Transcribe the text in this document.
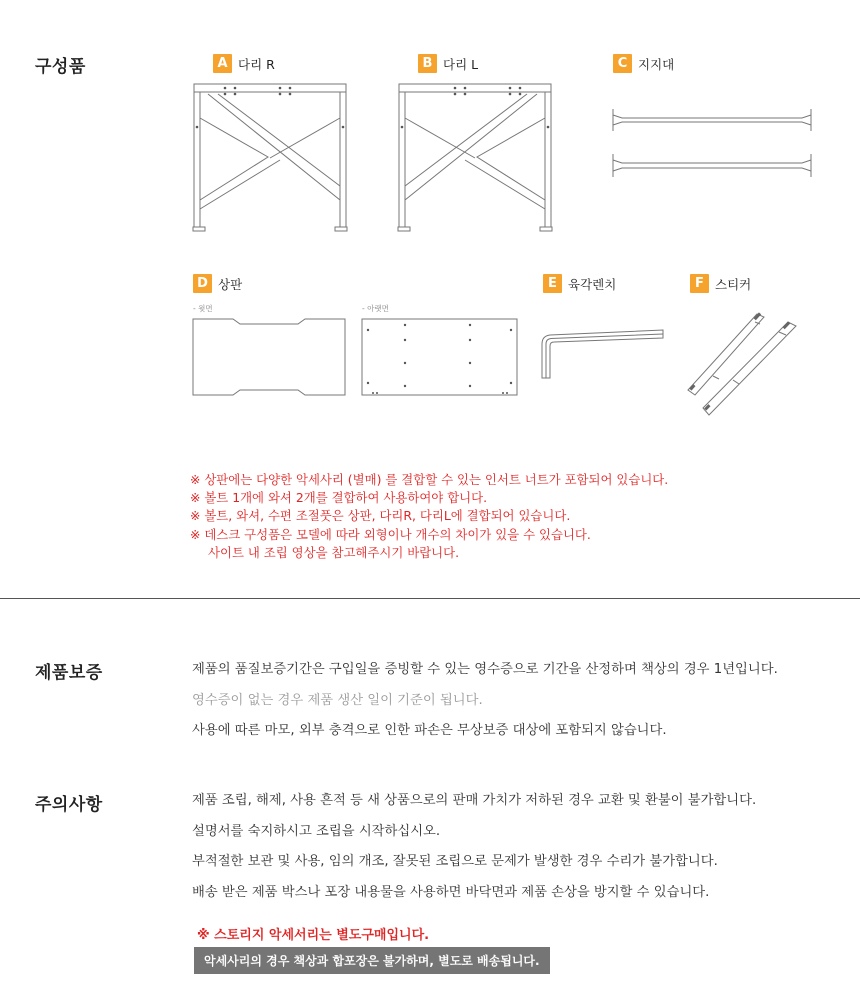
구성품	A 다리 R	B 다리 L	C 지지대
D 상판
- 윗면	- 아랫면
E 육각렌치	F 스티커
※ 상판에는 다양한 악세사리 (별매) 를 결합할 수 있는 인서트 너트가 포함되어 있습니다.
※ 볼트 1개에 와셔 2개를 결합하여 사용하여야 합니다.
※ 볼트, 와셔, 수편 조절풋은 상판, 다리R, 다리L에 결합되어 있습니다.
※ 데스크 구성품은 모델에 따라 외형이나 개수의 차이가 있을 수 있습니다.
사이트 내 조립 영상을 참고해주시기 바랍니다.
제품보증	제품의 품질보증기간은 구입일을 증빙할 수 있는 영수증으로 기간을 산정하며 책상의 경우 1년입니다.
영수증이 없는 경우 제품 생산 일이 기준이 됩니다.
사용에 따른 마모, 외부 충격으로 인한 파손은 무상보증 대상에 포함되지 않습니다.
주의사항	제품 조립, 해제, 사용 흔적 등 새 상품으로의 판매 가치가 저하된 경우 교환 및 환불이 불가합니다.
설명서를 숙지하시고 조립을 시작하십시오.
부적절한 보관 및 사용, 임의 개조, 잘못된 조립으로 문제가 발생한 경우 수리가 불가합니다.
배송 받은 제품 박스나 포장 내용물을 사용하면 바닥면과 제품 손상을 방지할 수 있습니다.
※ 스토리지 악세서리는 별도구매입니다.
악세사리의 경우 책상과 합포장은 불가하며, 별도로 배송됩니다.
